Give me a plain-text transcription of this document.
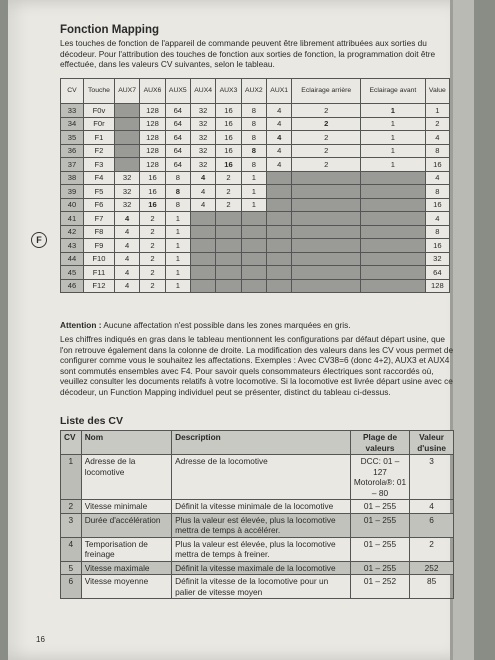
Fonction Mapping
Les touches de fonction de l'appareil de commande peuvent être librement attribuées aux sorties du décodeur. Pour l'attribution des touches de fonction aux sorties de fonction, la programmation doit être effectuée, dans les valeurs CV suivantes, selon le tableau.
CV	Touche	AUX7	AUX6	AUX5	AUX4	AUX3	AUX2	AUX1	Eclairage arrière	Eclairage avant	Value
33	F0v		128	64	32	16	8	4	2	1	1
34	F0r		128	64	32	16	8	4	2	1	2
35	F1		128	64	32	16	8	4	2	1	4
36	F2		128	64	32	16	8	4	2	1	8
37	F3		128	64	32	16	8	4	2	1	16
38	F4	32	16	8	4	2	1				4
39	F5	32	16	8	4	2	1				8
40	F6	32	16	8	4	2	1				16
41	F7	4	2	1							4
42	F8	4	2	1							8
43	F9	4	2	1							16
44	F10	4	2	1							32
45	F11	4	2	1							64
46	F12	4	2	1							128
F
Attention : Aucune affectation n'est possible dans les zones marquées en gris.
Les chiffres indiqués en gras dans le tableau mentionnent les configurations par défaut départ usine, que l'on retrouve également dans la colonne de droite. La modification des valeurs dans les CV vous permet de configurer comme vous le souhaitez les affectations. Exemples : Avec CV38=6 (donc 4+2), AUX3 et AUX4 sont commutés ensembles avec F4. Pour savoir quels consommateurs électriques sont raccordés où, veuillez consulter les documents relatifs à votre locomotive. Si la locomotive est livrée départ usine avec ce décodeur, un Function Mapping individuel peut se présenter, distinct du tableau ci-dessus.
Liste des CV
CV	Nom	Description	Plage de valeurs	Valeur d'usine
1	Adresse de la locomotive	Adresse de la locomotive	DCC: 01 – 127 Motorola®: 01 – 80	3
2	Vitesse minimale	Définit la vitesse minimale de la locomotive	01 – 255	4
3	Durée d'accélération	Plus la valeur est élevée, plus la locomotive mettra de temps à accélérer.	01 – 255	6
4	Temporisation de freinage	Plus la valeur est élevée, plus la locomotive mettra de temps à freiner.	01 – 255	2
5	Vitesse maximale	Définit la vitesse maximale de la locomotive	01 – 255	252
6	Vitesse moyenne	Définit la vitesse de la locomotive pour un palier de vitesse moyen	01 – 252	85
16
